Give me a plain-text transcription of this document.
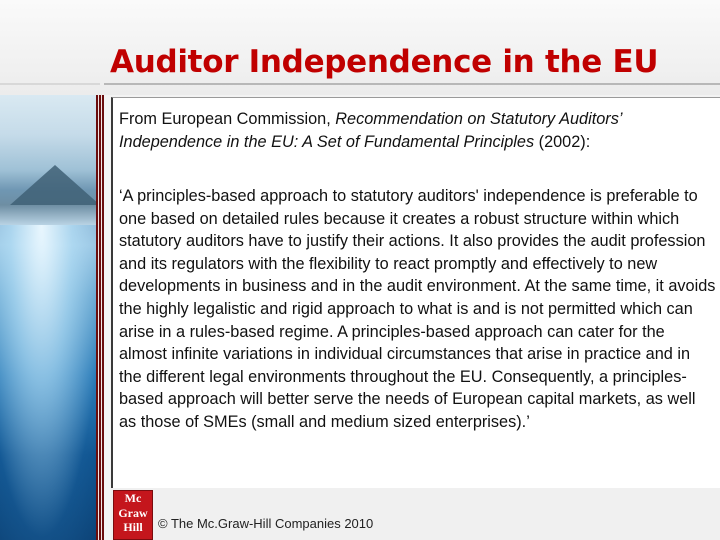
Auditor Independence in the EU
From European Commission, Recommendation on Statutory Auditors’ Independence in the EU: A Set of Fundamental Principles (2002):
‘A principles-based approach to statutory auditors' independence is preferable to one based on detailed rules because it creates a robust structure within which statutory auditors have to justify their actions. It also provides the audit profession and its regulators with the flexibility to react promptly and effectively to new developments in business and in the audit environment. At the same time, it avoids the highly legalistic and rigid approach to what is and is not permitted which can arise in a rules-based regime. A principles-based approach can cater for the almost infinite variations in individual circumstances that arise in practice and in the different legal environments throughout the EU. Consequently, a principles-based approach will better serve the needs of European capital markets, as well as those of SMEs (small and medium sized enterprises).’
Mc
Graw
Hill	© The Mc.Graw-Hill Companies 2010
